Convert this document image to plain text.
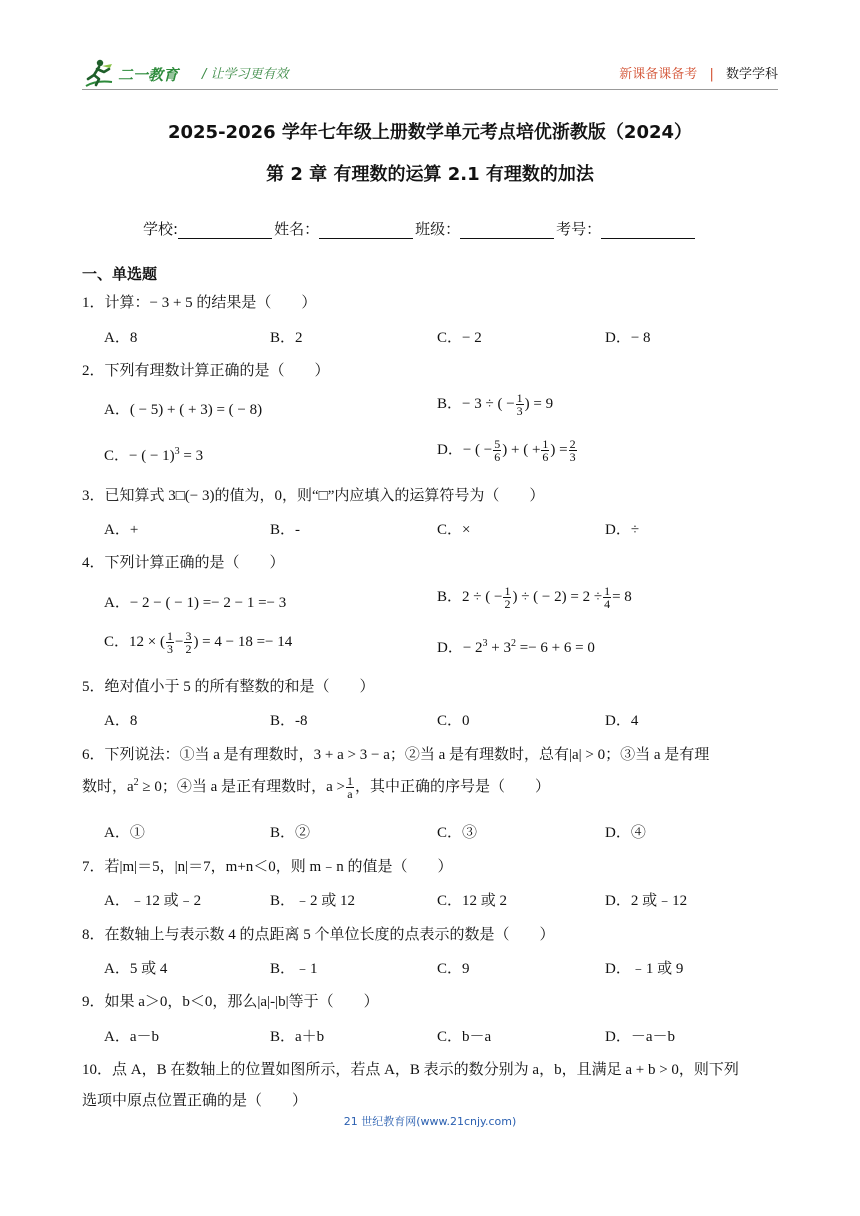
二一教育 / 让学习更有效	新课备课备考 | 数学学科
2025-2026 学年七年级上册数学单元考点培优浙教版（2024）
第 2 章 有理数的运算 2.1 有理数的加法
学校:	姓名：	班级：	考号：
一、单选题
1．计算：− 3 + 5 的结果是（　　）
A．8	B．2	C．− 2	D．− 8
2．下列有理数计算正确的是（　　）
A．( − 5) + ( + 3) = ( − 8)	B．− 3 ÷ ( − $\frac{1}{3}$ ) = 9
C．− ( − 1)$^3$ = 3	D．− ( − $\frac{5}{6}$ ) + ( + $\frac{1}{6}$ ) = $\frac{2}{3}$
3．已知算式 3□(− 3)的值为，0，则“□”内应填入的运算符号为（　　）
A．+	B．-	C．×	D．÷
4．下列计算正确的是（　　）
A．− 2 − ( − 1) =− 2 − 1 =− 3	B．2 ÷ ( − $\frac{1}{2}$ ) ÷ ( − $2) = 2 \div \frac{1}{4} = 8$
C．12 × ( $\frac{1}{3} - \frac{3}{2}$ ) = 4 − 18 =− 14	D．− $2^3 + 3^2 =- 6 + 6 = 0$
5．绝对值小于 5 的所有整数的和是（　　）
A．8	B．-8	C．0	D．4
6．下列说法：①当 a 是有理数时，3 + a > 3 − a；②当 a 是有理数时，总有|a| > 0；③当 a 是有理
数时，$a^2 \ge 0$；④当 a 是正有理数时，$a > \frac{1}{a}$ ，其中正确的序号是（　　）
A．①	B．②	C．③	D．④
7．若|m|＝5，|n|＝7，m+n＜0，则 m﹣n 的值是（　　）
A．﹣12 或﹣2	B．﹣2 或 12	C．12 或 2	D．2 或﹣12
8．在数轴上与表示数 4 的点距离 5 个单位长度的点表示的数是（　　）
A．5 或 4	B．﹣1	C．9	D．﹣1 或 9
9．如果 a＞0，b＜0，那么|a|-|b|等于（　　）
A．a－b	B．a＋b	C．b－a	D．－a－b
10．点 A，B 在数轴上的位置如图所示，若点 A，B 表示的数分别为 a，b，且满足 a + b > 0，则下列
选项中原点位置正确的是（　　）
21 世纪教育网(www.21cnjy.com)
